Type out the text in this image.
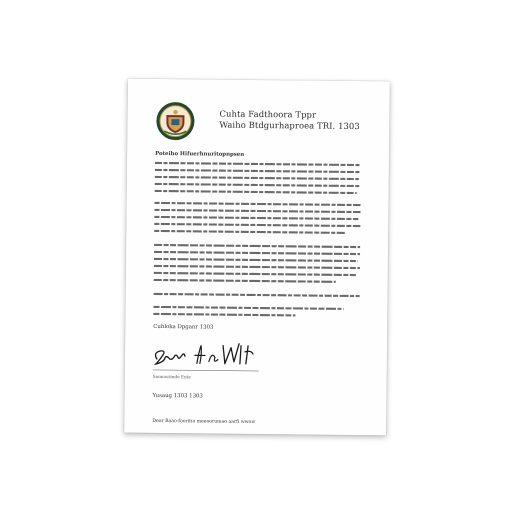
Cuhta Fadthoora Tppr
Waiho Btdgurhaproea TRI. 1303
Poteiho Hifuerhnuritopnpsen
Cuhloka Dpganr 1303
Sannoutinde Ente
Yusaug 1303 1303
Deor Baao-fooritio meeoorumao aarfi wwoiv
